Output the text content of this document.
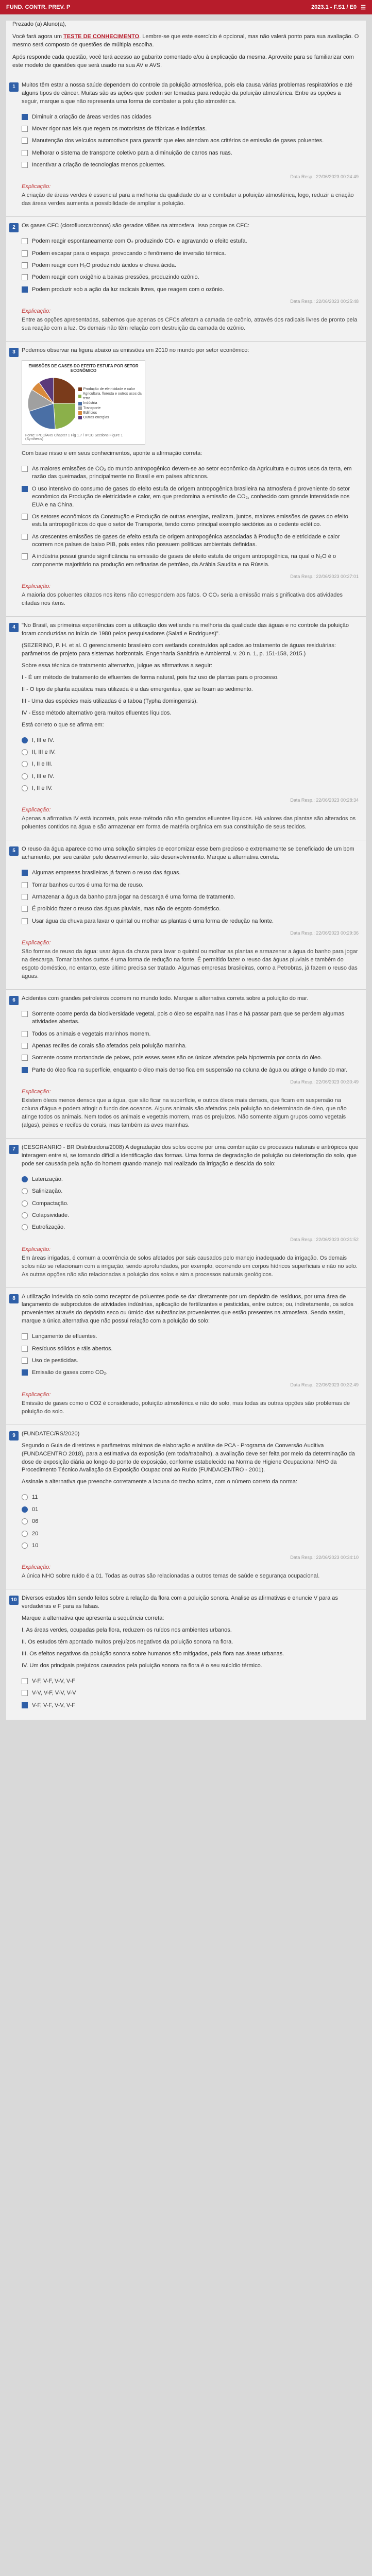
FUND. CONTR. PREV. P	2023.1 - F.S1 / E0 ☰

Prezado (a) Aluno(a),

Você fará agora um TESTE DE CONHECIMENTO. Lembre-se que este exercício é opcional, mas não valerá ponto para sua avaliação. O mesmo será composto de questões de múltipla escolha.

Após responde cada questão, você terá acesso ao gabarito comentado e/ou à explicação da mesma. Aproveite para se familiarizar com este modelo de questões que será usado na sua AV e AVS.

1	Muitos têm estar a nossa saúde dependem do controle da poluição atmosférica, pois ela causa várias problemas respiratórios e até alguns tipos de câncer. Muitas são as ações que podem ser tomadas para redução da poluição atmosférica. Entre as opções a seguir, marque a que não representa uma forma de combater a poluição atmosférica.

Diminuir a criação de áreas verdes nas cidades
Mover rigor nas leis que regem os motoristas de fábricas e indústrias.
Manutenção dos veículos automotivos para garantir que eles atendam aos critérios de emissão de gases poluentes.
Melhorar o sistema de transporte coletivo para a diminuição de carros nas ruas.
Incentivar a criação de tecnologias menos poluentes.
Data Resp.: 22/06/2023 00:24:49
Explicação:
A criação de áreas verdes é essencial para a melhoria da qualidade do ar e combater a poluição atmosférica, logo, reduzir a criação das áreas verdes aumenta a possibilidade de ampliar a poluição.
2	Os gases CFC (clorofluorcarbonos) são gerados vilões na atmosfera. Isso porque os CFC:

Podem reagir espontaneamente com O₂ produzindo CO₂ e agravando o efeito estufa.
Podem escapar para o espaço, provocando o fenômeno de inversão térmica.
Podem reagir com H₂O produzindo ácidos e chuva ácida.
Podem reagir com oxigênio a baixas pressões, produzindo ozônio.
Podem produzir sob a ação da luz radicais livres, que reagem com o ozônio.
Data Resp.: 22/06/2023 00:25:48
Explicação:
Entre as opções apresentadas, sabemos que apenas os CFCs afetam a camada de ozônio, através dos radicais livres de pronto pela sua reação com a luz. Os demais não têm relação com destruição da camada de ozônio.
3	Podemos observar na figura abaixo as emissões em 2010 no mundo por setor econômico:

EMISSÕES DE GASES DO EFEITO ESTUFA POR SETOR ECONÔMICO
Produção de eletricidade e calor
Agricultura, floresta e outros usos da terra
Indústria
Transporte
Edifícios
Outras energias
Fonte: IPCC/AR5 Chapter 1 Fig 1.7 / IPCC Sections Figure 1 (Synthesis)
Com base nisso e em seus conhecimentos, aponte a afirmação correta:
As maiores emissões de CO₂ do mundo antropogênico devem-se ao setor econômico da Agricultura e outros usos da terra, em razão das queimadas, principalmente no Brasil e em países africanos.
O uso intensivo do consumo de gases do efeito estufa de origem antropogênica brasileira na atmosfera é proveniente do setor econômico da Produção de eletricidade e calor, em que predomina a emissão de CO₂, conhecido com grande intensidade nos EUA e na China.
Os setores econômicos da Construção e Produção de outras energias, realizam, juntos, maiores emissões de gases do efeito estufa antropogênicos do que o setor de Transporte, tendo como principal exemplo sectórios as o cedente eclético.
As crescentes emissões de gases de efeito estufa de origem antropogênica associadas à Produção de eletricidade e calor ocorrem nos países de baixo PIB, pois estes não possuem políticas ambientais definidas.
A indústria possui grande significância na emissão de gases de efeito estufa de origem antropogênica, na qual o N₂O é o componente majoritário na produção em refinarias de petróleo, da Arábia Saudita e na Rússia.
Data Resp.: 22/06/2023 00:27:01
Explicação:
A maioria dos poluentes citados nos itens não correspondem aos fatos. O CO₂ seria a emissão mais significativa dos atividades citadas nos itens.
4	"No Brasil, as primeiras experiências com a utilização dos wetlands na melhoria da qualidade das águas e no controle da poluição foram conduzidas no início de 1980 pelos pesquisadores (Salati e Rodrigues)".

(SEZERINO, P. H. et al. O gerenciamento brasileiro com wetlands construídos aplicados ao tratamento de águas residuárias: parâmetros de projeto para sistemas horizontais. Engenharia Sanitária e Ambiental, v. 20 n. 1, p. 151-158, 2015.)

Sobre essa técnica de tratamento alternativo, julgue as afirmativas a seguir:

I - É um método de tratamento de efluentes de forma natural, pois faz uso de plantas para o processo.

II - O tipo de planta aquática mais utilizada é a das emergentes, que se fixam ao sedimento.

III - Uma das espécies mais utilizadas é a taboa (Typha domingensis).

IV - Esse método alternativo gera muitos efluentes líquidos.

Está correto o que se afirma em:

I, III e IV.
II, III e IV.
I, II e III.
I, III e IV.
I, II e IV.
Data Resp.: 22/06/2023 00:28:34
Explicação:
Apenas a afirmativa IV está incorreta, pois esse método não são gerados efluentes líquidos. Há valores das plantas são alterados os poluentes contidos na água e são armazenar em forma de matéria orgânica em sua constituição de seus tecidos.
5	O reuso da água aparece como uma solução simples de economizar esse bem precioso e extremamente se beneficiado de um bom achamento, por seu caráter pelo desenvolvimento, são desenvolvimento. Marque a alternativa correta.

Algumas empresas brasileiras já fazem o reuso das águas.
Tomar banhos curtos é uma forma de reuso.
Armazenar a água da banho para jogar na descarga é uma forma de tratamento.
É proibido fazer o reuso das águas pluviais, mas não de esgoto doméstico.
Usar água da chuva para lavar o quintal ou molhar as plantas é uma forma de redução na fonte.
Data Resp.: 22/06/2023 00:29:36
Explicação:
São formas de reuso da água: usar água da chuva para lavar o quintal ou molhar as plantas e armazenar a água do banho para jogar na descarga. Tomar banhos curtos é uma forma de redução na fonte. É permitido fazer o reuso das águas pluviais e também do esgoto doméstico, no entanto, este último precisa ser tratado. Algumas empresas brasileiras, como a Petrobras, já fazem o reuso das águas.
6	Acidentes com grandes petroleiros ocorrem no mundo todo. Marque a alternativa correta sobre a poluição do mar.

Somente ocorre perda da biodiversidade vegetal, pois o óleo se espalha nas ilhas e há passar para que se perdem algumas atividades abertas.
Todos os animais e vegetais marinhos morrem.
Apenas recifes de corais são afetados pela poluição marinha.
Somente ocorre mortandade de peixes, pois esses seres são os únicos afetados pela hipotermia por conta do óleo.
Parte do óleo fica na superfície, enquanto o óleo mais denso fica em suspensão na coluna de água ou atinge o fundo do mar.
Data Resp.: 22/06/2023 00:30:49
Explicação:
Existem óleos menos densos que a água, que são ficar na superfície, e outros óleos mais densos, que ficam em suspensão na coluna d'água e podem atingir o fundo dos oceanos. Alguns animais são afetados pela poluição ao determinado de óleo, que não atinge todos os animais. Nem todos os animais e vegetais morrem, mas os prejuízos. Não somente algum grupos como vegetais (algas), peixes e recifes de corais, mas também as aves marinhas.
7	(CESGRANRIO - BR Distribuidora/2008) A degradação dos solos ocorre por uma combinação de processos naturais e antrópicos que interagem entre si, se tornando difícil a identificação das formas. Uma forma de degradação de poluição ou deterioração do solo, que pode ser causada pela ação do homem quando manejo mal realizado da irrigação e descida do solo:

Laterização.
Salinização.
Compactação.
Colapsividade.
Eutrofização.
Data Resp.: 22/06/2023 00:31:52
Explicação:
Em áreas irrigadas, é comum a ocorrência de solos afetados por sais causados pelo manejo inadequado da irrigação. Os demais solos não se relacionam com a irrigação, sendo aprofundados, por exemplo, ocorrendo em corpos hídricos superficiais e não no solo. As outras opções não são relacionadas a poluição dos solos e sim a processos naturais geológicos.
8	A utilização indevida do solo como receptor de poluentes pode se dar diretamente por um depósito de resíduos, por uma área de lançamento de subprodutos de atividades indústrias, aplicação de fertilizantes e pesticidas, entre outros; ou, indiretamente, os solos provenientes através do depósito seco ou úmido das substâncias provenientes que estão presentes na atmosfera. Sendo assim, marque a única alternativa que não possui relação com a poluição do solo:

Lançamento de efluentes.
Resíduos sólidos e ráis abertos.
Uso de pesticidas.
Emissão de gases como CO₂.
Data Resp.: 22/06/2023 00:32:49
Explicação:
Emissão de gases como o CO2 é considerado, poluição atmosférica e não do solo, mas todas as outras opções são problemas de poluição do solo.
9	(FUNDATEC/RS/2020)

Segundo o Guia de diretrizes e parâmetros mínimos de elaboração e análise de PCA - Programa de Conversão Auditiva (FUNDACENTRO 2018), para a estimativa da exposição (em toda/trabalho), a avaliação deve ser feita por meio da determinação da dose de exposição diária ao longo do ponto de exposição, conforme estabelecido na Norma de Higiene Ocupacional NHO da Procedimento Técnico Avaliação da Exposição Ocupacional ao Ruído (FUNDACENTRO - 2001).

Assinale a alternativa que preenche corretamente a lacuna do trecho acima, com o número correto da norma:

11
01
06
20
10
Data Resp.: 22/06/2023 00:34:10
Explicação:
A única NHO sobre ruído é a 01. Todas as outras são relacionadas a outros temas de saúde e segurança ocupacional.
10 Diversos estudos têm sendo feitos sobre a relação da flora com a poluição sonora. Analise as afirmativas e enuncie V para as verdadeiras e F para as falsas.

Marque a alternativa que apresenta a sequência correta:

I. As áreas verdes, ocupadas pela flora, reduzem os ruídos nos ambientes urbanos.

II. Os estudos têm apontado muitos prejuízos negativos da poluição sonora na flora.

III. Os efeitos negativos da poluição sonora sobre humanos são mitigados, pela flora nas áreas urbanas.

IV. Um dos principais prejuízos causados pela poluição sonora na flora é o seu suicídio térmico.

V-F, V-F, V-V, V-F
V-V, V-F, V-V, V-V
V-F, V-F, V-V, V-F
